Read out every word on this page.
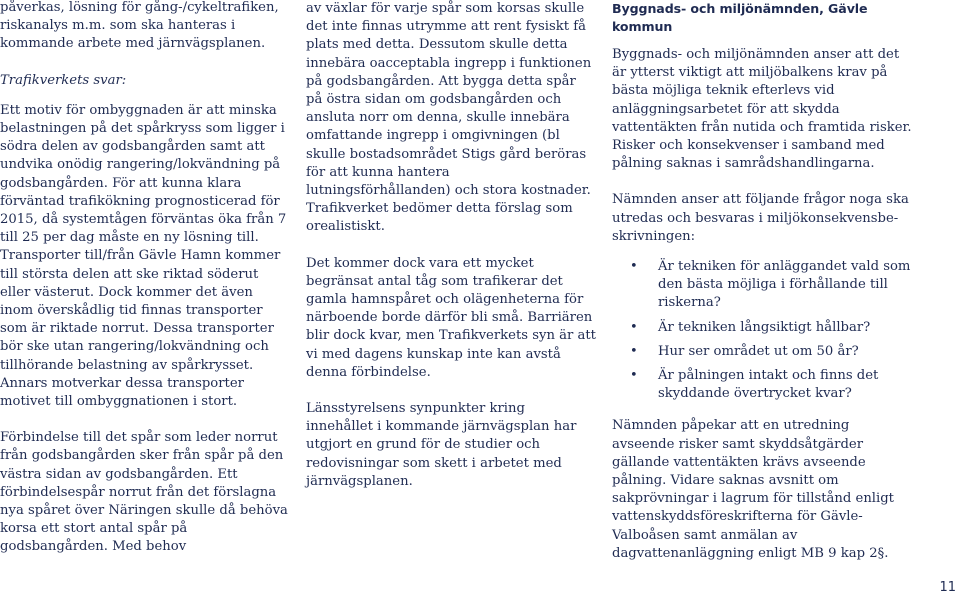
påverkas, lösning för gång-/cykeltrafiken, riskanalys m.m. som ska hanteras i kommande arbete med järnvägsplanen.

Trafikverkets svar:

Ett motiv för ombyggnaden är att minska belastningen på det spårkryss som ligger i södra delen av godsbangården samt att undvika onödig rangering/lokvändning på godsbangården. För att kunna klara förväntad trafikökning prognosticerad för 2015, då systemtågen förväntas öka från 7 till 25 per dag måste en ny lösning till. Transporter till/från Gävle Hamn kommer till största delen att ske riktad söderut eller västerut. Dock kommer det även inom överskådlig tid finnas transporter som är riktade norrut. Dessa transporter bör ske utan rangering/lokvändning och tillhörande belastning av spårkrysset. Annars motverkar dessa transporter motivet till ombyggnationen i stort.

Förbindelse till det spår som leder norrut från godsbangården sker från spår på den västra sidan av godsbangården. Ett förbindelsespår norrut från det förslagna nya spåret över Näringen skulle då behöva korsa ett stort antal spår på godsbangården. Med behov

av växlar för varje spår som korsas skulle det inte finnas utrymme att rent fysiskt få plats med detta. Dessutom skulle detta innebära oacceptabla ingrepp i funktionen på godsbangården. Att bygga detta spår på östra sidan om godsbangården och ansluta norr om denna, skulle innebära omfattande ingrepp i omgivningen (bl skulle bostadsområdet Stigs gård beröras för att kunna hantera lutningsförhållanden) och stora kostnader. Trafikverket bedömer detta förslag som orealistiskt.

Det kommer dock vara ett mycket begränsat antal tåg som trafikerar det gamla hamnspåret och olägenheterna för närboende borde därför bli små. Barriären blir dock kvar, men Trafikverkets syn är att vi med dagens kunskap inte kan avstå denna förbindelse.

Länsstyrelsens synpunkter kring innehållet i kommande järnvägsplan har utgjort en grund för de studier och redovisningar som skett i arbetet med järnvägsplanen.

Byggnads- och miljönämnden, Gävle kommun

Byggnads- och miljönämnden anser att det är ytterst viktigt att miljöbalkens krav på bästa möjliga teknik efterlevs vid anläggningsarbetet för att skydda vattentäkten från nutida och framtida risker. Risker och konsekvenser i samband med pålning saknas i samrådshandlingarna.

Nämnden anser att följande frågor noga ska utredas och besvaras i miljökonsekvensbeskrivningen:

• Är tekniken för anläggandet vald som den bästa möjliga i förhållande till riskerna?
• Är tekniken långsiktigt hållbar?
• Hur ser området ut om 50 år?
• Är pålningen intakt och finns det skyddande övertrycket kvar?

Nämnden påpekar att en utredning avseende risker samt skyddsåtgärder gällande vattentäkten krävs avseende pålning. Vidare saknas avsnitt om sakprövningar i lagrum för tillstånd enligt vattenskyddsföreskrifterna för Gävle-Valboåsen samt anmälan av dagvattenanläggning enligt MB 9 kap 2§.

11
